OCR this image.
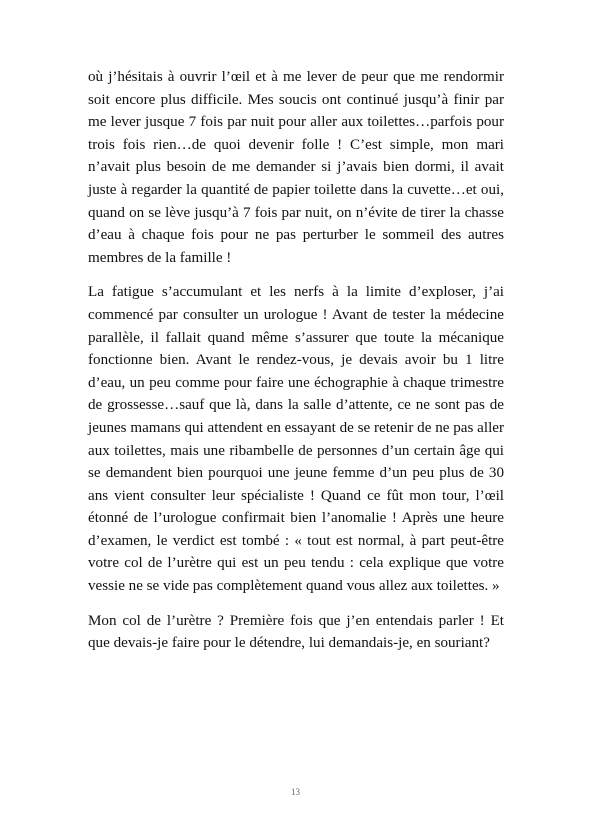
où j’hésitais à ouvrir l’œil et à me lever de peur que me rendormir soit encore plus difficile. Mes soucis ont continué jusqu’à finir par me lever jusque 7 fois par nuit pour aller aux toilettes…parfois pour trois fois rien…de quoi devenir folle ! C’est simple, mon mari n’avait plus besoin de me demander si j’avais bien dormi, il avait juste à regarder la quantité de papier toilette dans la cuvette…et oui, quand on se lève jusqu’à 7 fois par nuit, on n’évite de tirer la chasse d’eau à chaque fois pour ne pas perturber le sommeil des autres membres de la famille !

La fatigue s’accumulant et les nerfs à la limite d’exploser, j’ai commencé par consulter un urologue ! Avant de tester la médecine parallèle, il fallait quand même s’assurer que toute la mécanique fonctionne bien. Avant le rendez-vous, je devais avoir bu 1 litre d’eau, un peu comme pour faire une échographie à chaque trimestre de grossesse…sauf que là, dans la salle d’attente, ce ne sont pas de jeunes mamans qui attendent en essayant de se retenir de ne pas aller aux toilettes, mais une ribambelle de personnes d’un certain âge qui se demandent bien pourquoi une jeune femme d’un peu plus de 30 ans vient consulter leur spécialiste ! Quand ce fût mon tour, l’œil étonné de l’urologue confirmait bien l’anomalie ! Après une heure d’examen, le verdict est tombé : « tout est normal, à part peut-être votre col de l’urètre qui est un peu tendu : cela explique que votre vessie ne se vide pas complètement quand vous allez aux toilettes. »

Mon col de l’urètre ? Première fois que j’en entendais parler ! Et que devais-je faire pour le détendre, lui demandais-je, en souriant?

13
